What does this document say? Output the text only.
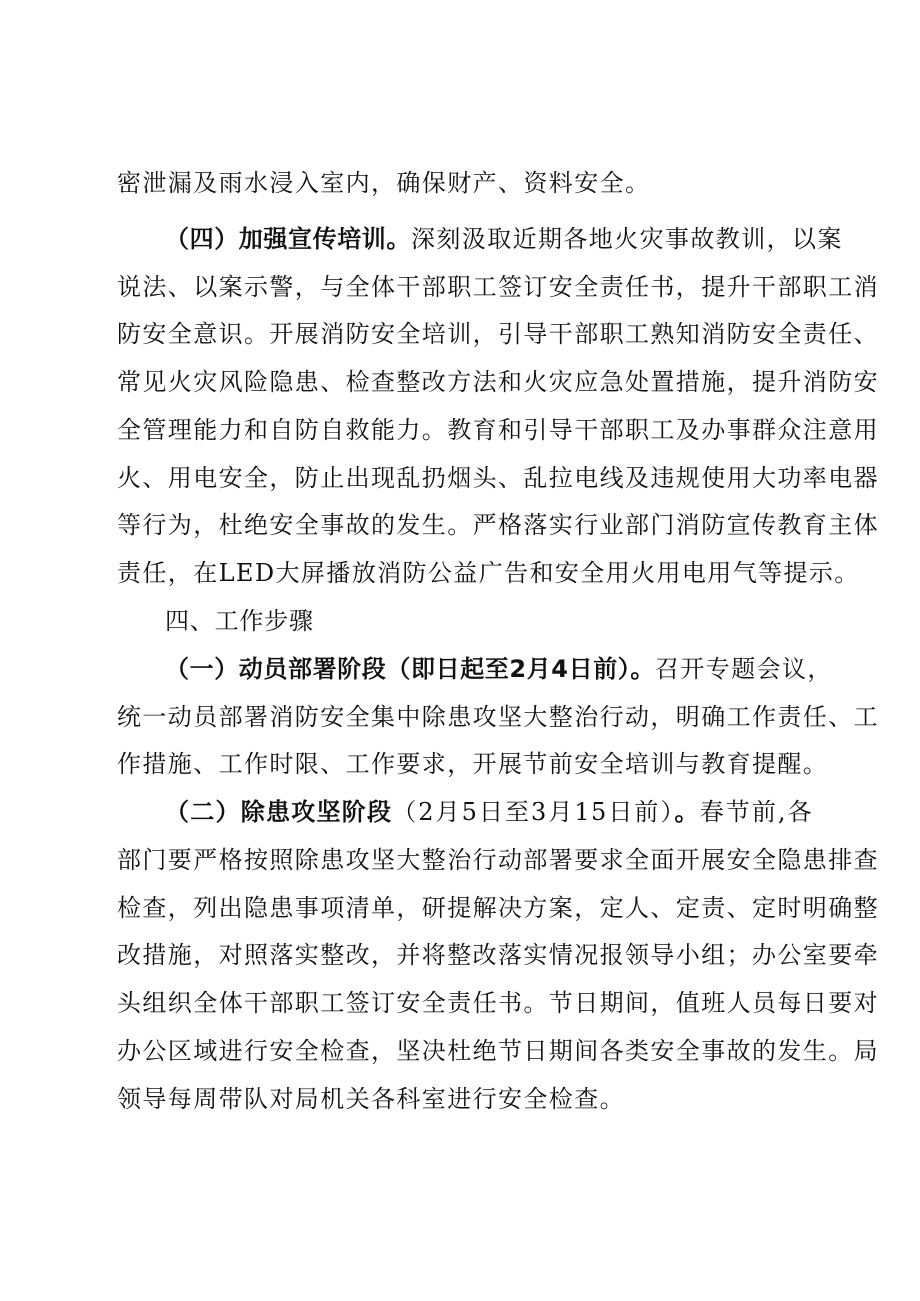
密泄漏及雨水浸入室内，确保财产、资料安全。
（四）加强宣传培训。深刻汲取近期各地火灾事故教训，以案
说法、以案示警，与全体干部职工签订安全责任书，提升干部职工消
防安全意识。开展消防安全培训，引导干部职工熟知消防安全责任、
常见火灾风险隐患、检查整改方法和火灾应急处置措施，提升消防安
全管理能力和自防自救能力。教育和引导干部职工及办事群众注意用
火、用电安全，防止出现乱扔烟头、乱拉电线及违规使用大功率电器
等行为，杜绝安全事故的发生。严格落实行业部门消防宣传教育主体
责任，在LED大屏播放消防公益广告和安全用火用电用气等提示。
四、工作步骤
（一）动员部署阶段（即日起至2月4日前）。召开专题会议，
统一动员部署消防安全集中除患攻坚大整治行动，明确工作责任、工
作措施、工作时限、工作要求，开展节前安全培训与教育提醒。
（二）除患攻坚阶段（2月5日至3月15日前）。春节前,各
部门要严格按照除患攻坚大整治行动部署要求全面开展安全隐患排查
检查，列出隐患事项清单，研提解决方案，定人、定责、定时明确整
改措施，对照落实整改，并将整改落实情况报领导小组；办公室要牵
头组织全体干部职工签订安全责任书。节日期间，值班人员每日要对
办公区域进行安全检查，坚决杜绝节日期间各类安全事故的发生。局
领导每周带队对局机关各科室进行安全检查。
